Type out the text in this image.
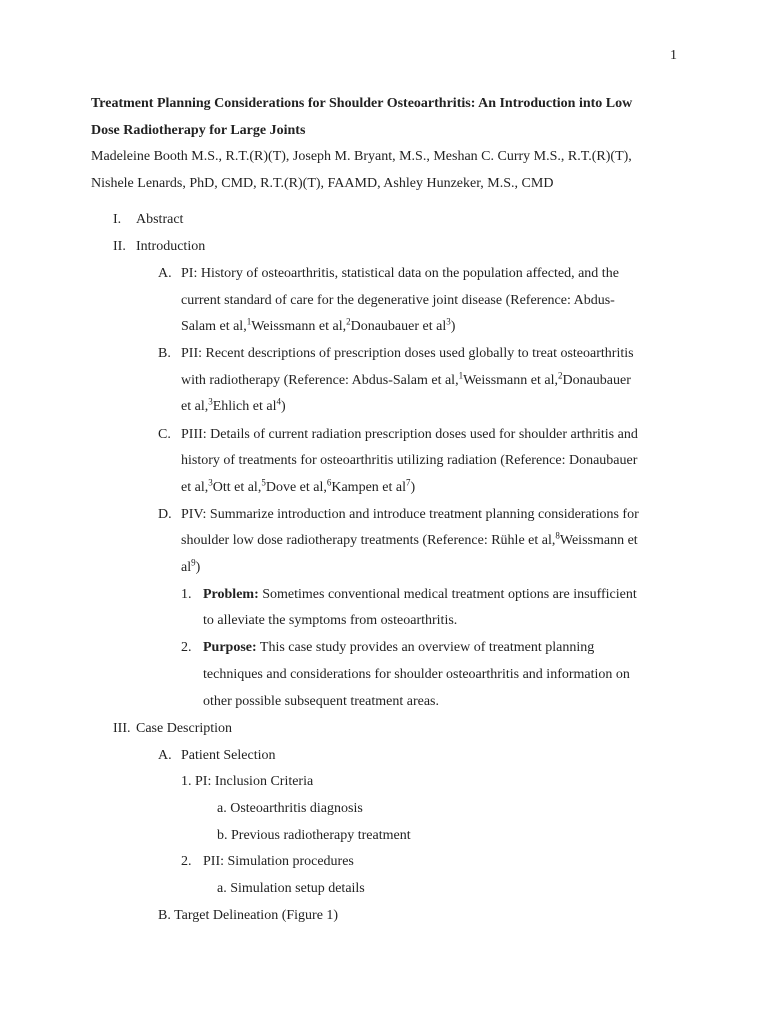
1
Treatment Planning Considerations for Shoulder Osteoarthritis: An Introduction into Low
Dose Radiotherapy for Large Joints
Madeleine Booth M.S., R.T.(R)(T), Joseph M. Bryant, M.S., Meshan C. Curry M.S., R.T.(R)(T),
Nishele Lenards, PhD, CMD, R.T.(R)(T), FAAMD, Ashley Hunzeker, M.S., CMD
I. Abstract
II. Introduction
A. PI: History of osteoarthritis, statistical data on the population affected, and the
current standard of care for the degenerative joint disease (Reference: Abdus-
Salam et al,$^1$Weissmann et al,$^2$Donaubauer et $al^3$)
B. PII: Recent descriptions of prescription doses used globally to treat osteoarthritis
with radiotherapy (Reference: Abdus-Salam et al,$^1$Weissmann et al,$^2$Donaubauer
et al,$^3$Ehlich et $al^4$)
C. PIII: Details of current radiation prescription doses used for shoulder arthritis and
history of treatments for osteoarthritis utilizing radiation (Reference: Donaubauer
et al,$^3$Ott et al,$^5$Dove et al,$^6$Kampen et $al^7$)
D. PIV: Summarize introduction and introduce treatment planning considerations for
shoulder low dose radiotherapy treatments (Reference: Rühle et al,$^8$Weissmann et
$al^9$)
1. Problem: Sometimes conventional medical treatment options are insufficient
to alleviate the symptoms from osteoarthritis.
2. Purpose: This case study provides an overview of treatment planning
techniques and considerations for shoulder osteoarthritis and information on
other possible subsequent treatment areas.
III. Case Description
A. Patient Selection
1. PI: Inclusion Criteria
a. Osteoarthritis diagnosis
b. Previous radiotherapy treatment
2. PII: Simulation procedures
a. Simulation setup details
B. Target Delineation (Figure 1)
